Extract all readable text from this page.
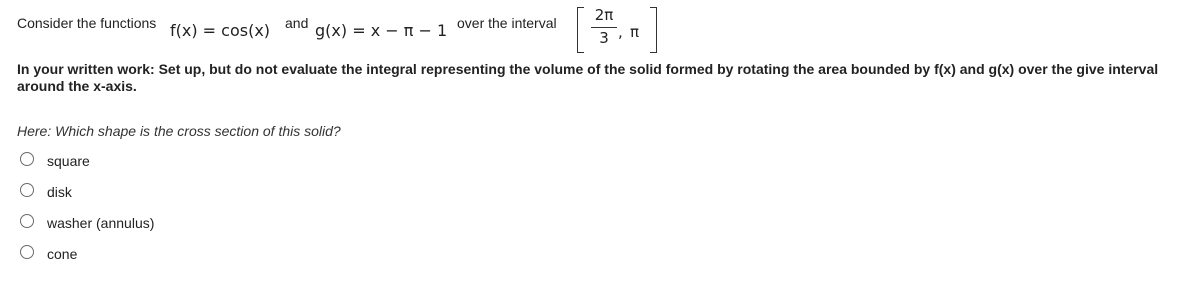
Consider the functions f(x) = cos(x) and g(x) = x − π − 1 over the interval	2π
3 , π
In your written work: Set up, but do not evaluate the integral representing the volume of the solid formed by rotating the area bounded by f(x) and g(x) over the give interval around the x-axis.
Here: Which shape is the cross section of this solid?
square
disk
washer (annulus)
cone
